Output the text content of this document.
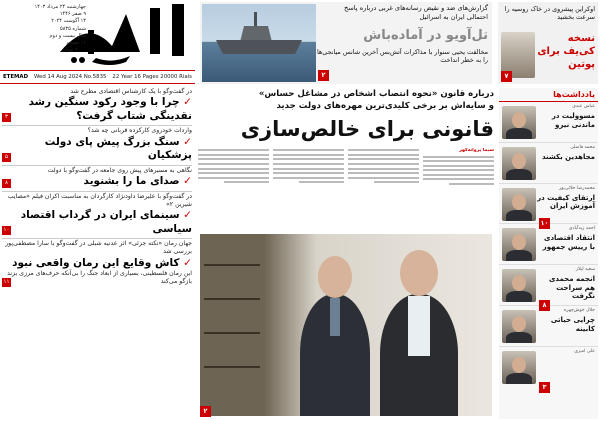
چهارشنبه ۲۴ مرداد ۱۴۰۳
۹ صفر ۱۴۴۶
۱۴ آگوست ۲۰۲۴
شماره ۵۸۳۵
سال بیست و دوم
۱۶ صفحه
۲۰۰۰ تومان
ETEMAD Wed 14 Aug 2024 No.5835 22 Year 16 Pages 20000 Rials
گزارش‌های ضد و نقیض رسانه‌های غربی درباره پاسخ احتمالی ایران به اسرائیل
تل‌آویو در آماده‌باش
مخالفت یحیی سنوار با مذاکرات آتش‌بس آخرین شانس میانجی‌ها را به خطر انداخت
۲
اوکراین پیشروی در خاک روسیه را سرعت بخشید
نسخه کی‌یف برای پوتین
۷
در گفت‌وگو با یک کارشناس اقتصادی مطرح شد
✓ چرا با وجود رکود سنگین رشد نقدینگی شتاب گرفت؟
۳
واردات خودروی کارکرده قربانی چه شد؟
✓ سنگ بزرگ پیش پای دولت پزشکیان
۵
نگاهی به مسیرهای پیش روی جامعه در گفت‌وگو با دولت
✓ صدای ما را بشنوید
۸
در گفت‌وگو با علیرضا داودنژاد کارگردان به مناسبت اکران فیلم «مصایب شیرین ۲»
✓ سینمای ایران در گرداب اقتصاد سیاسی
۱۰
جهان رمان «نکته جزئی» اثر عدنیه شبلی در گفت‌وگو با سارا مصطفی‌پور بررسی شد
✓ کاش وقایع این رمان واقعی نبود
این رمان فلسطینی، بسیاری از ابعاد جنگ را بی‌آنکه حرف‌های مرزی بزند بازگو می‌کند
۱۱
درباره قانون «نحوه انتصاب اشخاص در مشاغل حساس»
و سایه‌اش بر برخی کلیدی‌ترین مهره‌های دولت جدید
قانونی برای خالص‌سازی
سیما پروانه‌گهر
۲
یادداشت‌ها
عباس عبدی
مسوولیت در ماندنی نیرو
محمد فاضلی
مجاهدین بکشند
محمدرضا جلائی‌پور
ارتقای کیفیت در آموزش ایران
احمد زیدآبادی
انتقاد اقتصادی با رییس جمهور
سعید لیلاز
انجمه محمدی هم سراحت نگرفت
جلال خوش‌چهره
چرایی حیاتی کابینه
علی امیری
۱۰
۸
۳
